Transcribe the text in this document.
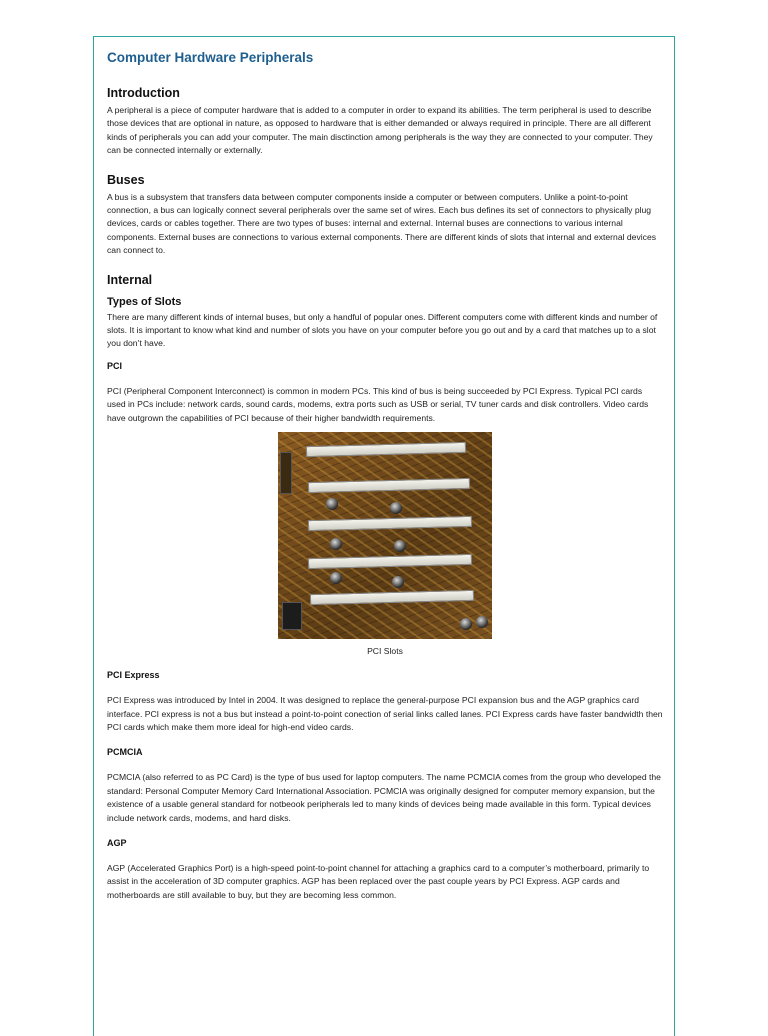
Computer Hardware Peripherals
Introduction

A peripheral is a piece of computer hardware that is added to a computer in order to expand its abilities. The term peripheral is used to describe those devices that are optional in nature, as opposed to hardware that is either demanded or always required in principle. There are all different kinds of peripherals you can add your computer. The main disctinction among peripherals is the way they are connected to your computer. They can be connected internally or externally.

Buses

A bus is a subsystem that transfers data between computer components inside a computer or between computers. Unlike a point-to-point connection, a bus can logically connect several peripherals over the same set of wires. Each bus defines its set of connectors to physically plug devices, cards or cables together. There are two types of buses: internal and external. Internal buses are connections to various internal components. External buses are connections to various external components. There are different kinds of slots that internal and external devices can connect to.

Internal
Types of Slots

There are many different kinds of internal buses, but only a handful of popular ones. Different computers come with different kinds and number of slots. It is important to know what kind and number of slots you have on your computer before you go out and by a card that matches up to a slot you don’t have.

PCI

PCI (Peripheral Component Interconnect) is common in modern PCs. This kind of bus is being succeeded by PCI Express. Typical PCI cards used in PCs include: network cards, sound cards, modems, extra ports such as USB or serial, TV tuner cards and disk controllers. Video cards have outgrown the capabilities of PCI because of their higher bandwidth requirements.

PCI Slots
PCI Express

PCI Express was introduced by Intel in 2004. It was designed to replace the general-purpose PCI expansion bus and the AGP graphics card interface. PCI express is not a bus but instead a point-to-point conection of serial links called lanes. PCI Express cards have faster bandwidth then PCI cards which make them more ideal for high-end video cards.

PCMCIA

PCMCIA (also referred to as PC Card) is the type of bus used for laptop computers. The name PCMCIA comes from the group who developed the standard: Personal Computer Memory Card International Association. PCMCIA was originally designed for computer memory expansion, but the existence of a usable general standard for notbeook peripherals led to many kinds of devices being made available in this form. Typical devices include network cards, modems, and hard disks.

AGP

AGP (Accelerated Graphics Port) is a high-speed point-to-point channel for attaching a graphics card to a computer’s motherboard, primarily to assist in the acceleration of 3D computer graphics. AGP has been replaced over the past couple years by PCI Express. AGP cards and motherboards are still available to buy, but they are becoming less common.
